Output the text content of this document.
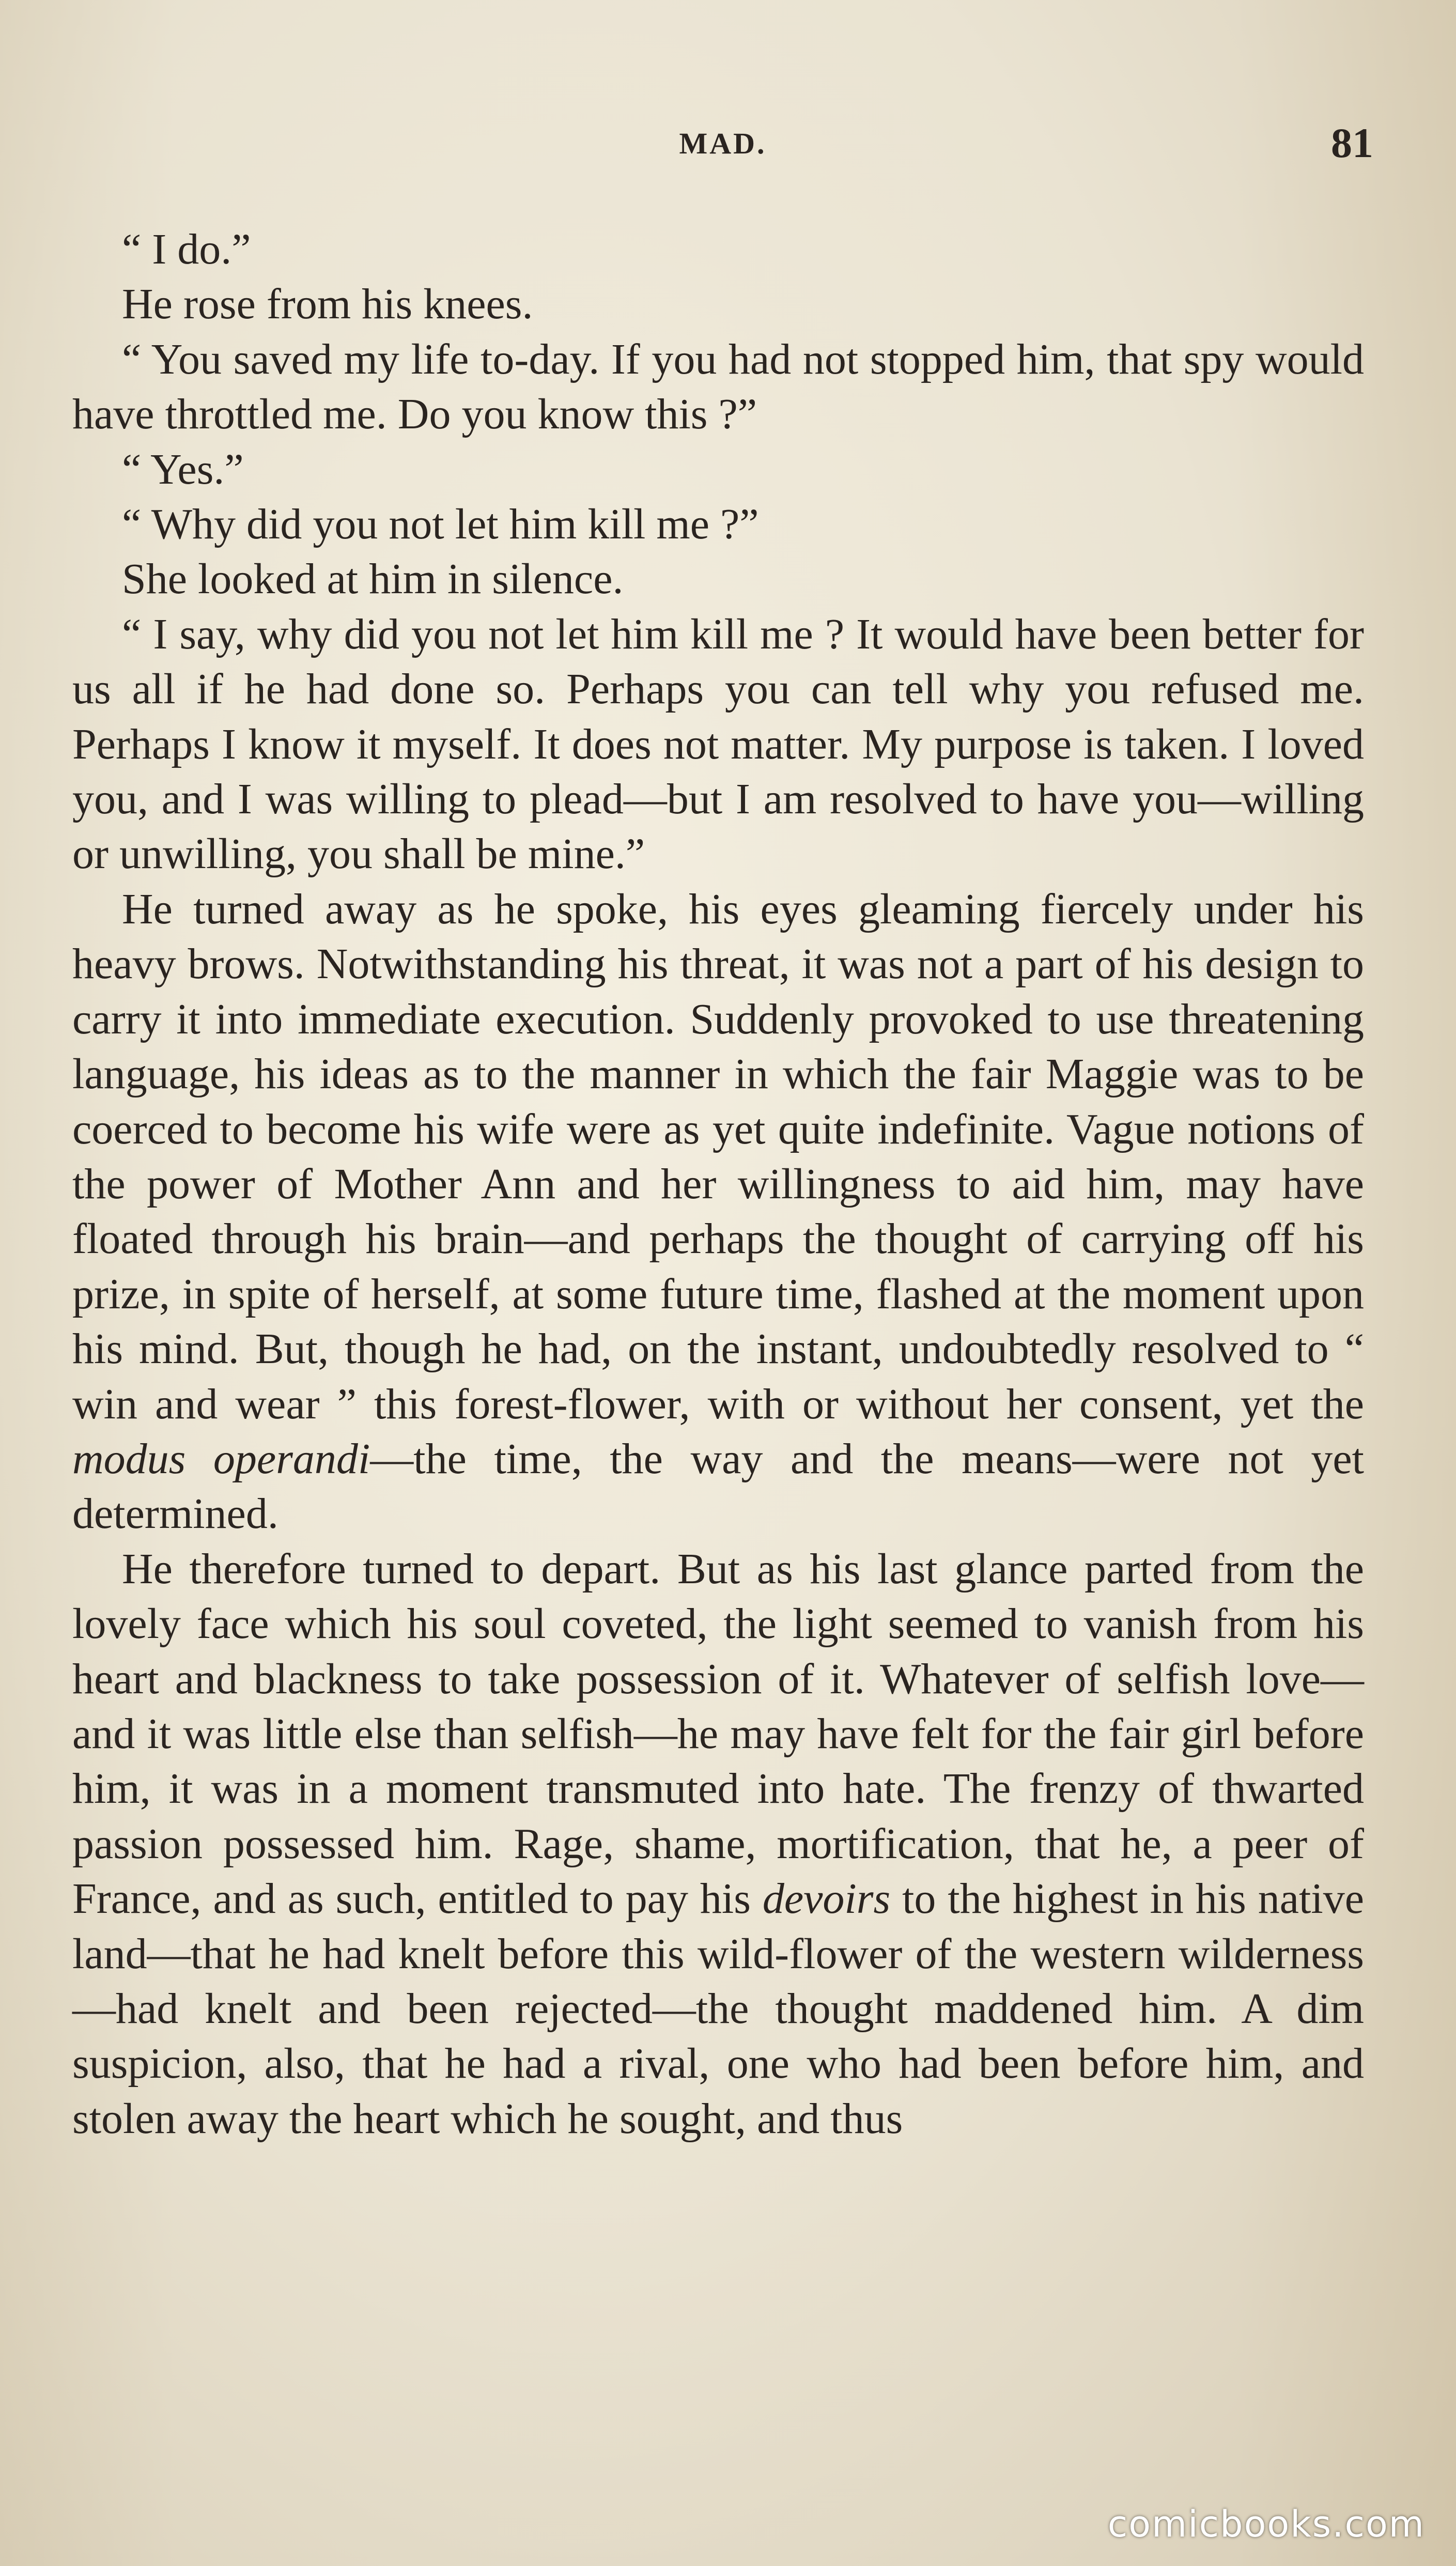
MAD.	81

“ I do.”

He rose from his knees.

“ You saved my life to-day. If you had not stopped him, that spy would have throttled me. Do you know this ?”

“ Yes.”

“ Why did you not let him kill me ?”

She looked at him in silence.

“ I say, why did you not let him kill me ? It would have been better for us all if he had done so. Perhaps you can tell why you refused me. Perhaps I know it myself. It does not matter. My purpose is taken. I loved you, and I was willing to plead—but I am resolved to have you—willing or unwilling, you shall be mine.”

He turned away as he spoke, his eyes gleaming fiercely under his heavy brows. Notwithstanding his threat, it was not a part of his design to carry it into immediate execution. Suddenly provoked to use threatening language, his ideas as to the manner in which the fair Maggie was to be coerced to become his wife were as yet quite indefinite. Vague notions of the power of Mother Ann and her willingness to aid him, may have floated through his brain—and perhaps the thought of carrying off his prize, in spite of herself, at some future time, flashed at the moment upon his mind. But, though he had, on the instant, undoubtedly resolved to “ win and wear ” this forest-flower, with or without her consent, yet the modus operandi—the time, the way and the means—were not yet determined.

He therefore turned to depart. But as his last glance parted from the lovely face which his soul coveted, the light seemed to vanish from his heart and blackness to take possession of it. Whatever of selfish love—and it was little else than selfish—he may have felt for the fair girl before him, it was in a moment transmuted into hate. The frenzy of thwarted passion possessed him. Rage, shame, mortification, that he, a peer of France, and as such, entitled to pay his devoirs to the highest in his native land—that he had knelt before this wild-flower of the western wilderness—had knelt and been rejected—the thought maddened him. A dim suspicion, also, that he had a rival, one who had been before him, and stolen away the heart which he sought, and thus

comicbooks.com
